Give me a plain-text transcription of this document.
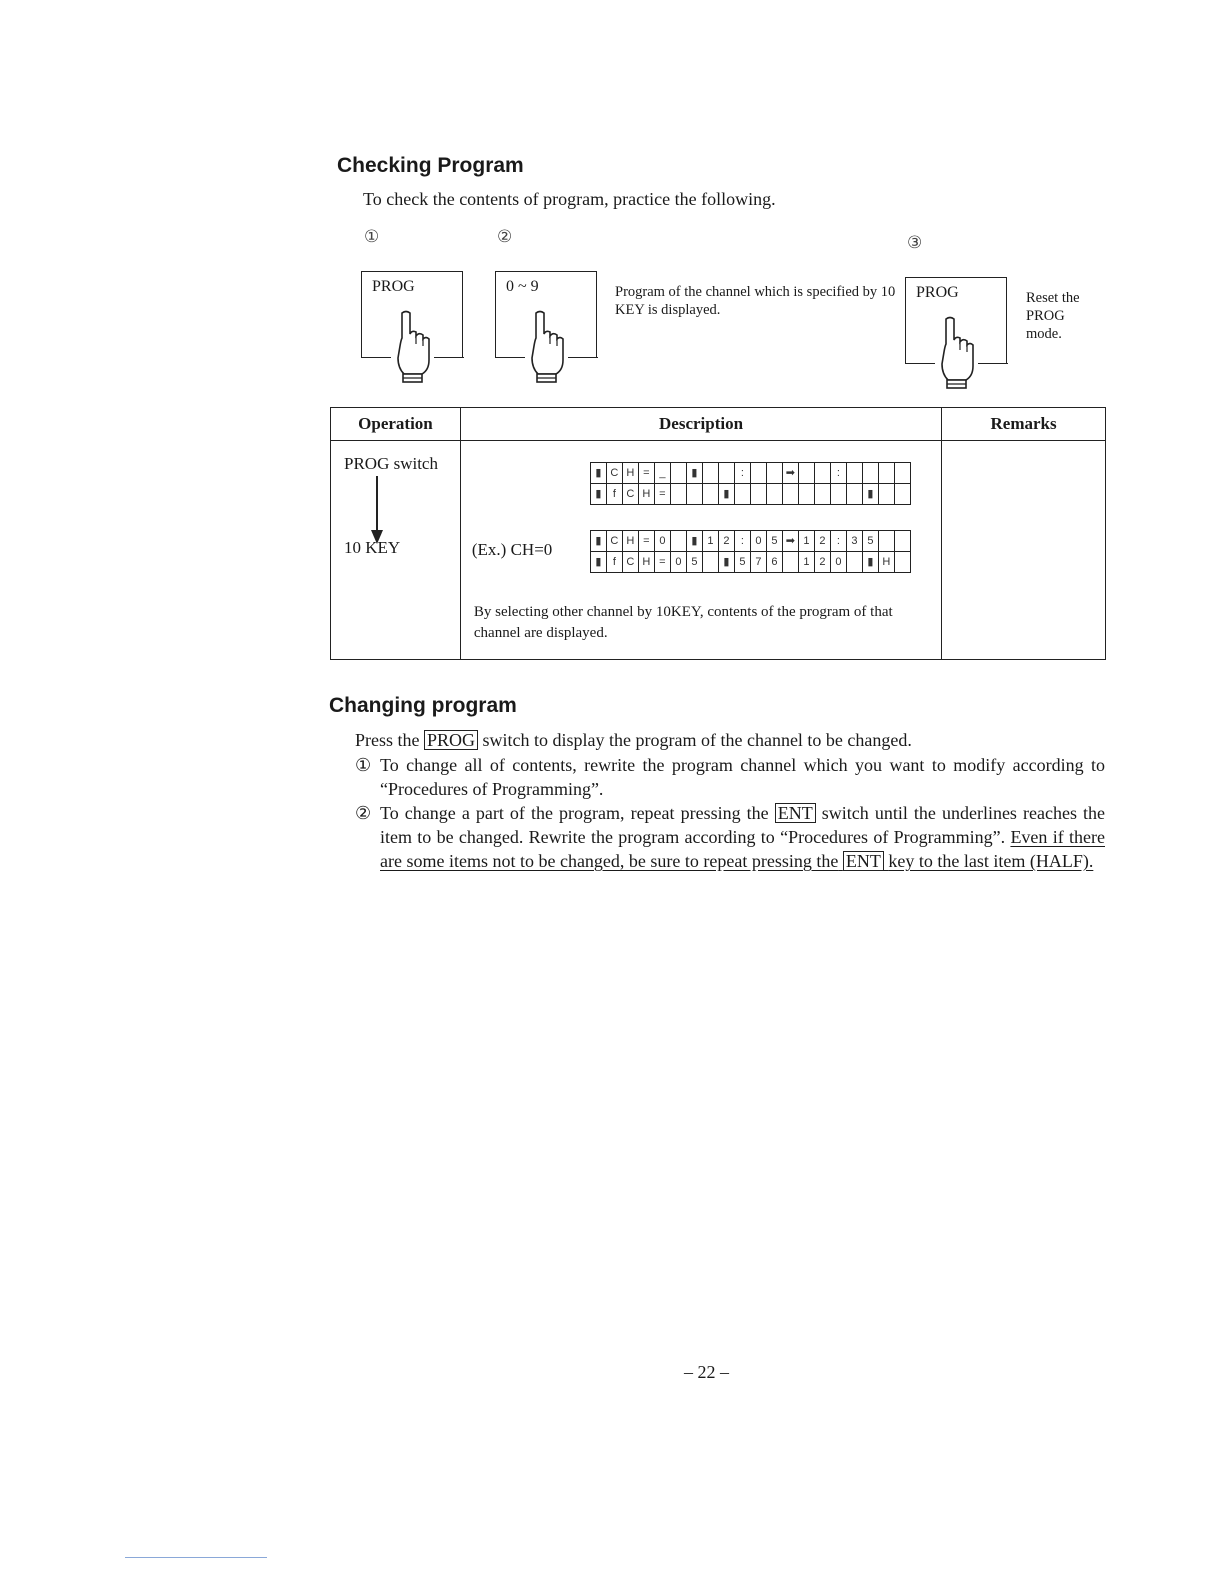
Checking Program
To check the contents of program, practice the following.
①	②	③
PROG	0 ~ 9	Program of the channel which is specified by 10 KEY is displayed.
PROG	Reset the
PROG
mode.
Operation	Description	Remarks

PROG switch
10 KEY

▮	C	H	=	_		▮			:			➡			:				
▮	f	C	H	=				▮									▮		
(Ex.) CH=0	▮	C	H	=	0		▮	1	2	:	0	5	➡	1	2	:	3	5		
▮	f	C	H	=	0	5		▮	5	7	6		1	2	0		▮	H	
By selecting other channel by 10KEY, contents of the program of that channel are displayed.

Changing program
Press the PROG switch to display the program of the channel to be changed.
① To change all of contents, rewrite the program channel which you want to modify according to “Procedures of Programming”.
② To change a part of the program, repeat pressing the ENT switch until the underlines reaches the item to be changed. Rewrite the program according to “Procedures of Programming”. Even if there are some items not to be changed, be sure to repeat pressing the ENT key to the last item (HALF).
– 22 –
